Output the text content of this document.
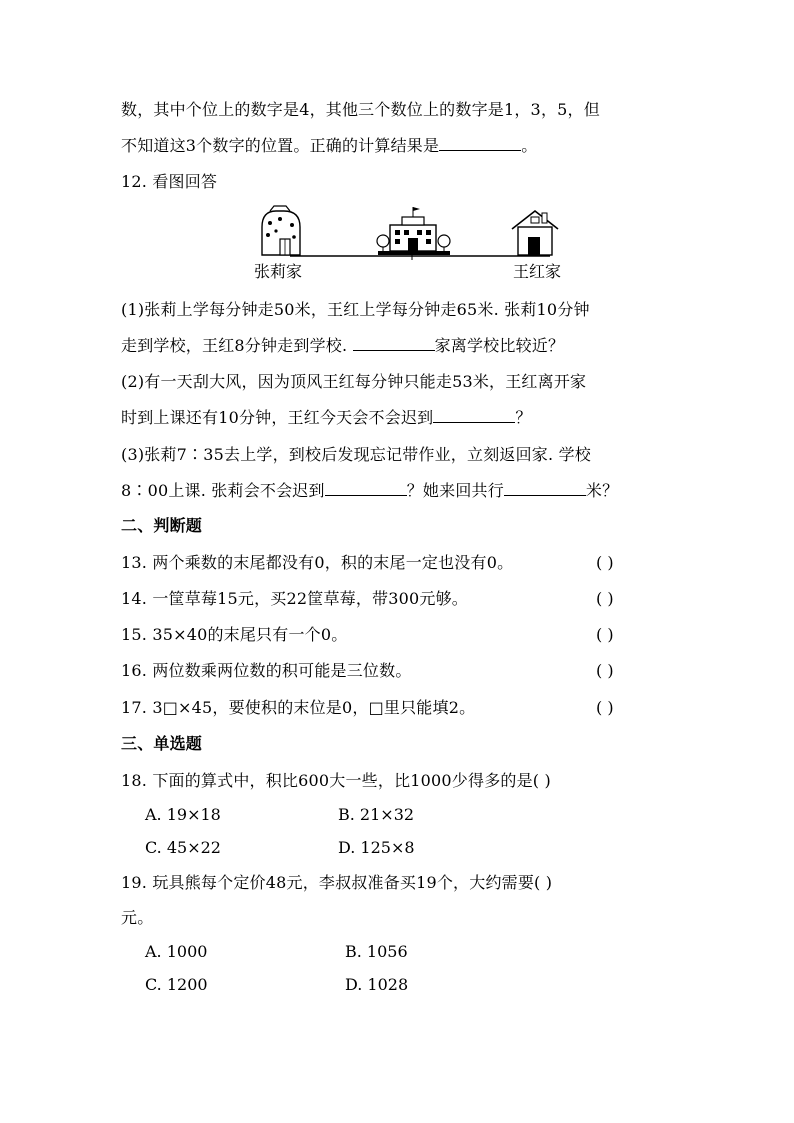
数，其中个位上的数字是4，其他三个数位上的数字是1，3，5，但
不知道这3个数字的位置。正确的计算结果是	。
12. 看图回答
张莉家	王红家
(1)张莉上学每分钟走50米，王红上学每分钟走65米. 张莉10分钟
走到学校，王红8分钟走到学校.	家离学校比较近？
(2)有一天刮大风，因为顶风王红每分钟只能走53米，王红离开家
时到上课还有10分钟，王红今天会不会迟到	？
(3)张莉7∶35去上学，到校后发现忘记带作业，立刻返回家. 学校
8∶00上课. 张莉会不会迟到	？她来回共行	米？
二、判断题
13. 两个乘数的末尾都没有0，积的末尾一定也没有0。	( )
14. 一筐草莓15元，买22筐草莓，带300元够。	( )
15. 35×40的末尾只有一个0。	( )
16. 两位数乘两位数的积可能是三位数。	( )
17. 3□×45，要使积的末位是0，□里只能填2。	( )
三、单选题
18. 下面的算式中，积比600大一些，比1000少得多的是( )
A. 19×18	B. 21×32
C. 45×22	D. 125×8
19. 玩具熊每个定价48元，李叔叔准备买19个，大约需要( )
元。
A. 1000	B. 1056
C. 1200	D. 1028
